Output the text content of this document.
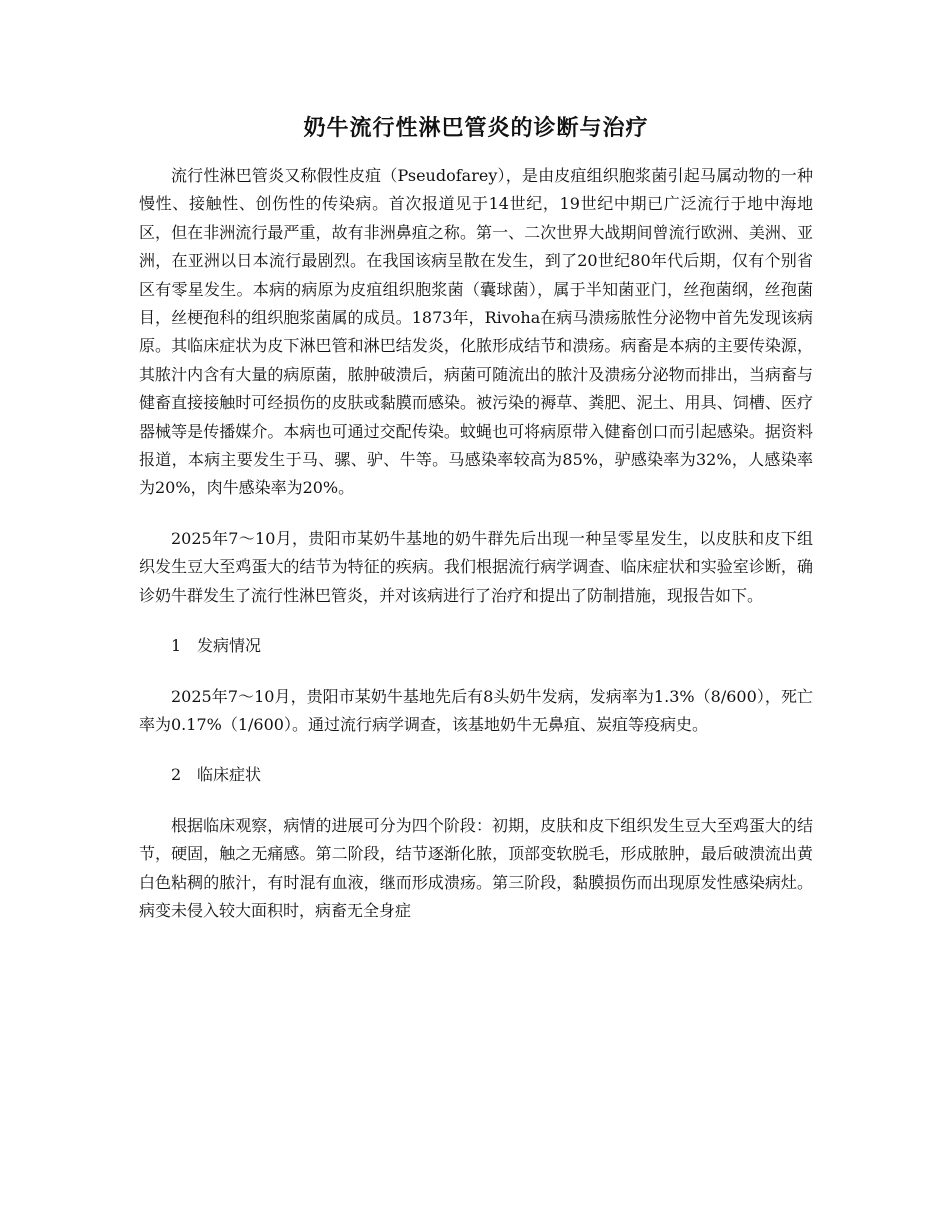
奶牛流行性淋巴管炎的诊断与治疗

流行性淋巴管炎又称假性皮疽（Pseudofarey），是由皮疽组织胞浆菌引起马属动物的一种慢性、接触性、创伤性的传染病。首次报道见于14世纪，19世纪中期已广泛流行于地中海地区，但在非洲流行最严重，故有非洲鼻疽之称。第一、二次世界大战期间曾流行欧洲、美洲、亚洲，在亚洲以日本流行最剧烈。在我国该病呈散在发生，到了20世纪80年代后期，仅有个别省区有零星发生。本病的病原为皮疽组织胞浆菌（囊球菌），属于半知菌亚门，丝孢菌纲，丝孢菌目，丝梗孢科的组织胞浆菌属的成员。1873年，Rivoha在病马溃疡脓性分泌物中首先发现该病原。其临床症状为皮下淋巴管和淋巴结发炎，化脓形成结节和溃疡。病畜是本病的主要传染源，其脓汁内含有大量的病原菌，脓肿破溃后，病菌可随流出的脓汁及溃疡分泌物而排出，当病畜与健畜直接接触时可经损伤的皮肤或黏膜而感染。被污染的褥草、粪肥、泥土、用具、饲槽、医疗器械等是传播媒介。本病也可通过交配传染。蚊蝇也可将病原带入健畜创口而引起感染。据资料报道，本病主要发生于马、骡、驴、牛等。马感染率较高为85%，驴感染率为32%，人感染率为20%，肉牛感染率为20%。

2025年7～10月，贵阳市某奶牛基地的奶牛群先后出现一种呈零星发生，以皮肤和皮下组织发生豆大至鸡蛋大的结节为特征的疾病。我们根据流行病学调查、临床症状和实验室诊断，确诊奶牛群发生了流行性淋巴管炎，并对该病进行了治疗和提出了防制措施，现报告如下。

1 发病情况

2025年7～10月，贵阳市某奶牛基地先后有8头奶牛发病，发病率为1.3%（8/600），死亡率为0.17%（1/600）。通过流行病学调查，该基地奶牛无鼻疽、炭疽等疫病史。

2 临床症状

根据临床观察，病情的进展可分为四个阶段：初期，皮肤和皮下组织发生豆大至鸡蛋大的结节，硬固，触之无痛感。第二阶段，结节逐渐化脓，顶部变软脱毛，形成脓肿，最后破溃流出黄白色粘稠的脓汁，有时混有血液，继而形成溃疡。第三阶段，黏膜损伤而出现原发性感染病灶。病变未侵入较大面积时，病畜无全身症
